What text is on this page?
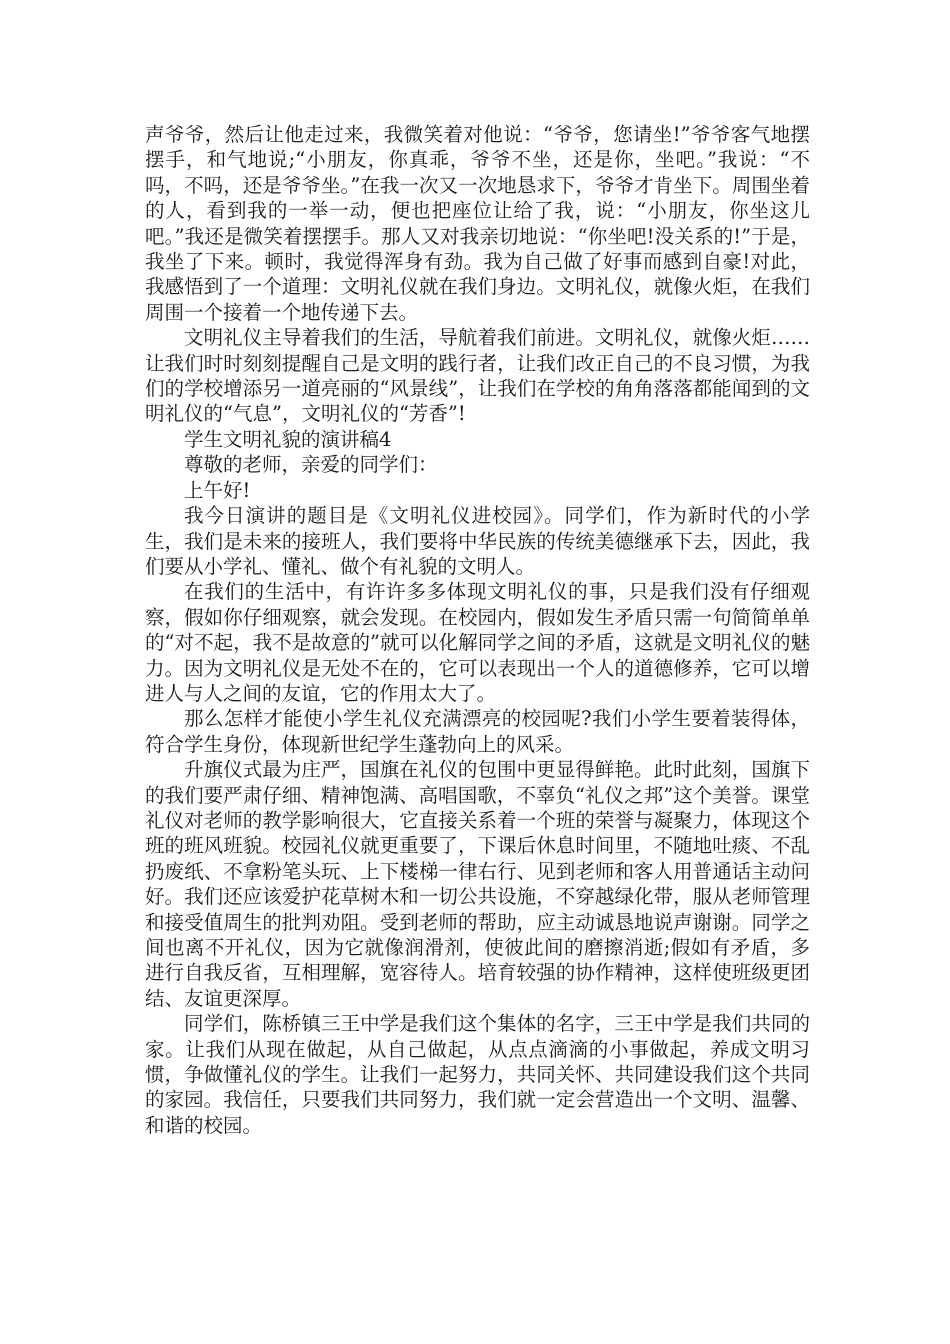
声爷爷，然后让他走过来，我微笑着对他说：“爷爷，您请坐!”爷爷客气地摆摆手，和气地说;“小朋友，你真乖，爷爷不坐，还是你，坐吧。”我说：“不吗，不吗，还是爷爷坐。”在我一次又一次地恳求下，爷爷才肯坐下。周围坐着的人，看到我的一举一动，便也把座位让给了我，说：“小朋友，你坐这儿吧。”我还是微笑着摆摆手。那人又对我亲切地说：“你坐吧!没关系的!”于是，我坐了下来。顿时，我觉得浑身有劲。我为自己做了好事而感到自豪!对此，我感悟到了一个道理：文明礼仪就在我们身边。文明礼仪，就像火炬，在我们周围一个接着一个地传递下去。

文明礼仪主导着我们的生活，导航着我们前进。文明礼仪，就像火炬……让我们时时刻刻提醒自己是文明的践行者，让我们改正自己的不良习惯，为我们的学校增添另一道亮丽的“风景线”，让我们在学校的角角落落都能闻到的文明礼仪的“气息”，文明礼仪的“芳香”!

学生文明礼貌的演讲稿4

尊敬的老师，亲爱的同学们：

上午好!

我今日演讲的题目是《文明礼仪进校园》。同学们，作为新时代的小学生，我们是未来的接班人，我们要将中华民族的传统美德继承下去，因此，我们要从小学礼、懂礼、做个有礼貌的文明人。

在我们的生活中，有许许多多体现文明礼仪的事，只是我们没有仔细观察，假如你仔细观察，就会发现。在校园内，假如发生矛盾只需一句简简单单的“对不起，我不是故意的”就可以化解同学之间的矛盾，这就是文明礼仪的魅力。因为文明礼仪是无处不在的，它可以表现出一个人的道德修养，它可以增进人与人之间的友谊，它的作用太大了。

那么怎样才能使小学生礼仪充满漂亮的校园呢?我们小学生要着装得体，符合学生身份，体现新世纪学生蓬勃向上的风采。

升旗仪式最为庄严，国旗在礼仪的包围中更显得鲜艳。此时此刻，国旗下的我们要严肃仔细、精神饱满、高唱国歌，不辜负“礼仪之邦”这个美誉。课堂礼仪对老师的教学影响很大，它直接关系着一个班的荣誉与凝聚力，体现这个班的班风班貌。校园礼仪就更重要了，下课后休息时间里，不随地吐痰、不乱扔废纸、不拿粉笔头玩、上下楼梯一律右行、见到老师和客人用普通话主动问好。我们还应该爱护花草树木和一切公共设施，不穿越绿化带，服从老师管理和接受值周生的批判劝阻。受到老师的帮助，应主动诚恳地说声谢谢。同学之间也离不开礼仪，因为它就像润滑剂，使彼此间的磨擦消逝;假如有矛盾，多进行自我反省，互相理解，宽容待人。培育较强的协作精神，这样使班级更团结、友谊更深厚。

同学们，陈桥镇三王中学是我们这个集体的名字，三王中学是我们共同的家。让我们从现在做起，从自己做起，从点点滴滴的小事做起，养成文明习惯，争做懂礼仪的学生。让我们一起努力，共同关怀、共同建设我们这个共同的家园。我信任，只要我们共同努力，我们就一定会营造出一个文明、温馨、和谐的校园。
